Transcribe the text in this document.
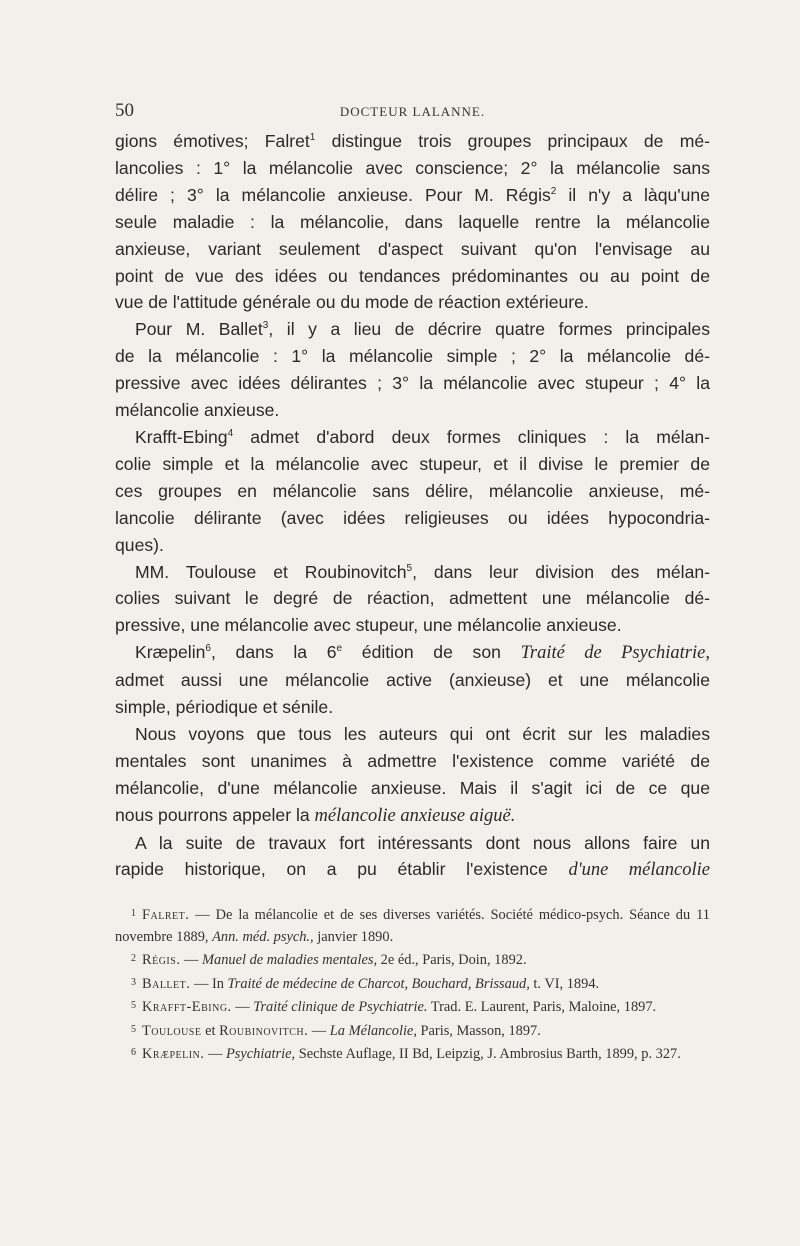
50	DOCTEUR LALANNE.

gions émotives; Falret$^1$ distingue trois groupes principaux de mé-
lancolies : 1° la mélancolie avec conscience; 2° la mélancolie sans
délire ; 3° la mélancolie anxieuse. Pour M. Régis$^2$ il n'y a làqu'une
seule maladie : la mélancolie, dans laquelle rentre la mélancolie
anxieuse, variant seulement d'aspect suivant qu'on l'envisage au
point de vue des idées ou tendances prédominantes ou au point de
vue de l'attitude générale ou du mode de réaction extérieure.

Pour M. Ballet$^3$, il y a lieu de décrire quatre formes principales
de la mélancolie : 1° la mélancolie simple ; 2° la mélancolie dé-
pressive avec idées délirantes ; 3° la mélancolie avec stupeur ; 4° la
mélancolie anxieuse.

Krafft-Ebing$^4$ admet d'abord deux formes cliniques : la mélan-
colie simple et la mélancolie avec stupeur, et il divise le premier de
ces groupes en mélancolie sans délire, mélancolie anxieuse, mé-
lancolie délirante (avec idées religieuses ou idées hypocondria-
ques).

MM. Toulouse et Roubinovitch$^5$, dans leur division des mélan-
colies suivant le degré de réaction, admettent une mélancolie dé-
pressive, une mélancolie avec stupeur, une mélancolie anxieuse.

Kræpelin$^6$, dans la 6e édition de son Traité de Psychiatrie,
admet aussi une mélancolie active (anxieuse) et une mélancolie
simple, périodique et sénile.

Nous voyons que tous les auteurs qui ont écrit sur les maladies
mentales sont unanimes à admettre l'existence comme variété de
mélancolie, d'une mélancolie anxieuse. Mais il s'agit ici de ce que
nous pourrons appeler la mélancolie anxieuse aiguë.

A la suite de travaux fort intéressants dont nous allons faire un
rapide historique, on a pu établir l'existence d'une mélancolie

$^1$ Falret. — De la mélancolie et de ses diverses variétés. Société médico-psych. Séance du 11 novembre 1889, Ann. méd. psych., janvier 1890.
$^2$ Régis. — Manuel de maladies mentales, 2e éd., Paris, Doin, 1892.
$^3$ Ballet. — In Traité de médecine de Charcot, Bouchard, Brissaud, t. VI, 1894.
$^5$ Krafft-Ebing. — Traité clinique de Psychiatrie. Trad. E. Laurent, Paris, Maloine, 1897.
$^5$ Toulouse et Roubinovitch. — La Mélancolie, Paris, Masson, 1897.
$^6$ Kræpelin. — Psychiatrie, Sechste Auflage, II Bd, Leipzig, J. Ambrosius Barth, 1899, p. 327.
